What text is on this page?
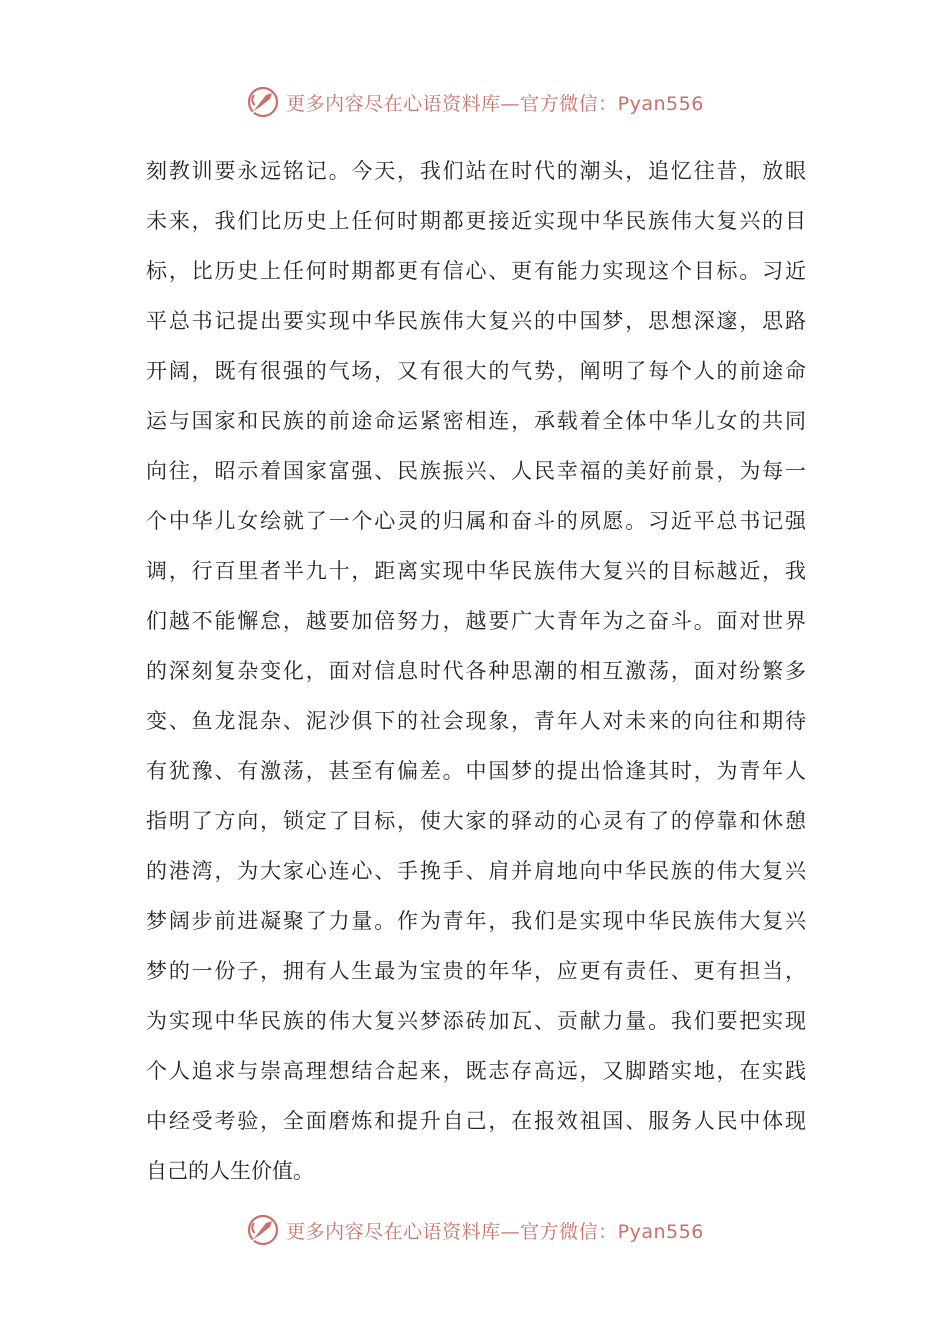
更多内容尽在心语资料库—官方微信：Pyan556
刻教训要永远铭记。今天，我们站在时代的潮头，追忆往昔，放眼
未来，我们比历史上任何时期都更接近实现中华民族伟大复兴的目
标，比历史上任何时期都更有信心、更有能力实现这个目标。习近
平总书记提出要实现中华民族伟大复兴的中国梦，思想深邃，思路
开阔，既有很强的气场，又有很大的气势，阐明了每个人的前途命
运与国家和民族的前途命运紧密相连，承载着全体中华儿女的共同
向往，昭示着国家富强、民族振兴、人民幸福的美好前景，为每一
个中华儿女绘就了一个心灵的归属和奋斗的夙愿。习近平总书记强
调，行百里者半九十，距离实现中华民族伟大复兴的目标越近，我
们越不能懈怠，越要加倍努力，越要广大青年为之奋斗。面对世界
的深刻复杂变化，面对信息时代各种思潮的相互激荡，面对纷繁多
变、鱼龙混杂、泥沙俱下的社会现象，青年人对未来的向往和期待
有犹豫、有激荡，甚至有偏差。中国梦的提出恰逢其时，为青年人
指明了方向，锁定了目标，使大家的驿动的心灵有了的停靠和休憩
的港湾，为大家心连心、手挽手、肩并肩地向中华民族的伟大复兴
梦阔步前进凝聚了力量。作为青年，我们是实现中华民族伟大复兴
梦的一份子，拥有人生最为宝贵的年华，应更有责任、更有担当，
为实现中华民族的伟大复兴梦添砖加瓦、贡献力量。我们要把实现
个人追求与崇高理想结合起来，既志存高远，又脚踏实地，在实践
中经受考验，全面磨炼和提升自己，在报效祖国、服务人民中体现
自己的人生价值。
更多内容尽在心语资料库—官方微信：Pyan556
